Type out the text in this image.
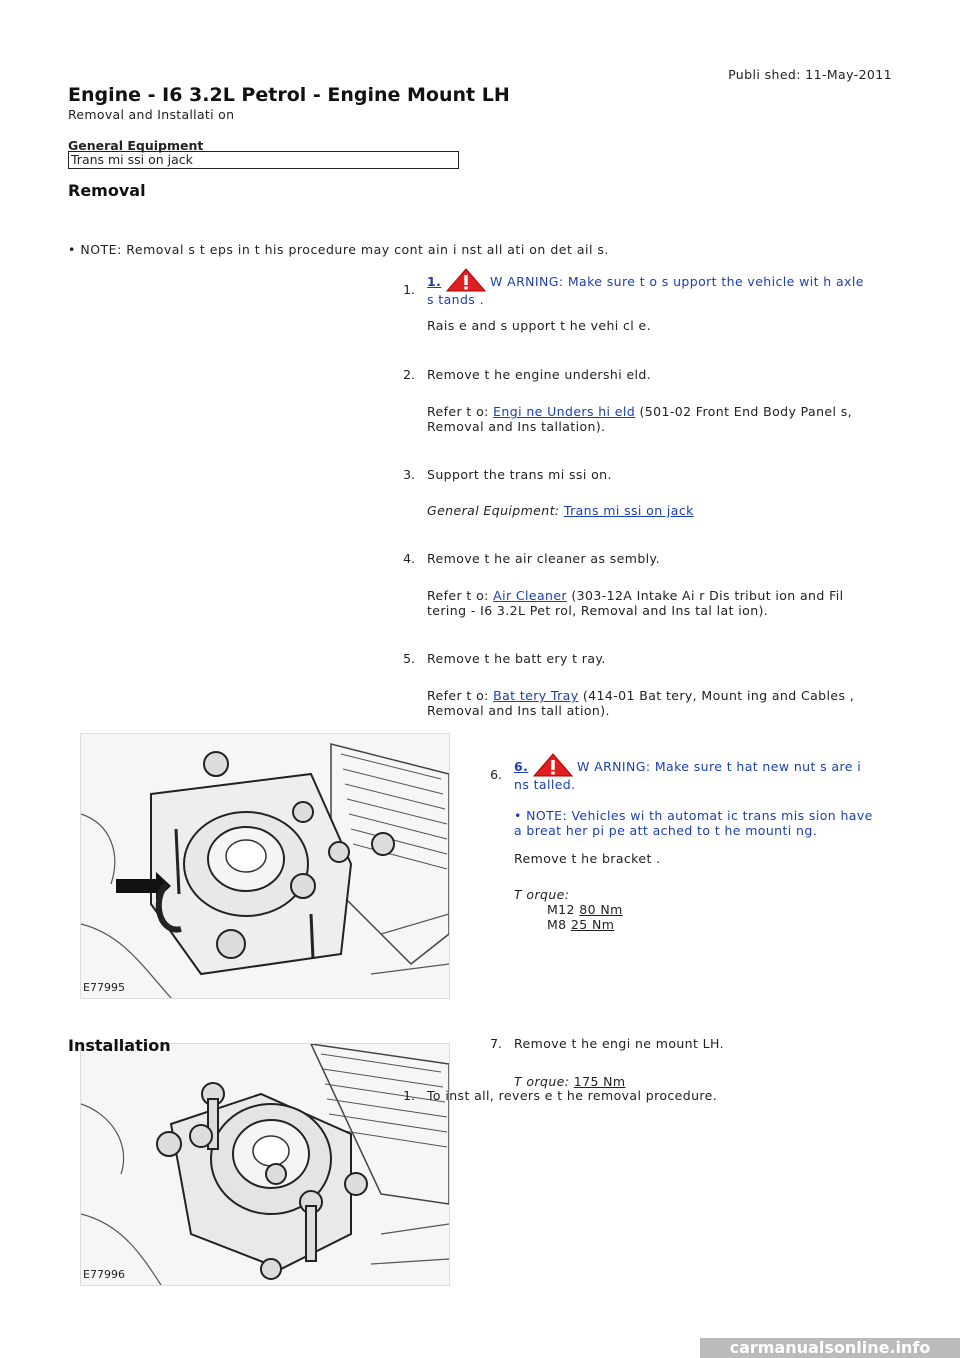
Publi shed: 11-May-2011
Engine - I6 3.2L Petrol - Engine Mount LH
Removal and Installati on
General Equipment
Trans mi ssi on jack
Removal
• NOTE: Removal s t eps in t his procedure may cont ain i nst all ati on det ail s.
1.
1.	W ARNING: Make sure t o s upport the vehicle wit h axle s tands .
Rais e and s upport t he vehi cl e.
2. Remove t he engine undershi eld.
Refer t o: Engi ne Unders hi eld (501-02 Front End Body Panel s, Removal and Ins tallation).
3. Support the trans mi ssi on.
General Equipment: Trans mi ssi on jack
4. Remove t he air cleaner as sembly.
Refer t o: Air Cleaner (303-12A Intake Ai r Dis tribut ion and Fil tering - I6 3.2L Pet rol, Removal and Ins tal lat ion).
5. Remove t he batt ery t ray.
Refer t o: Bat tery Tray (414-01 Bat tery, Mount ing and Cables , Removal and Ins tall ation).
E77995
6.
6.	W ARNING: Make sure t hat new nut s are i ns talled.
• NOTE: Vehicles wi th automat ic trans mis sion have a breat her pi pe att ached to t he mounti ng.
Remove t he bracket .
T orque:
M12 80 Nm
M8 25 Nm
E77996
Installation	7. Remove t he engi ne mount LH.
T orque: 175 Nm
1. To inst all, revers e t he removal procedure.
carmanualsonline.info
